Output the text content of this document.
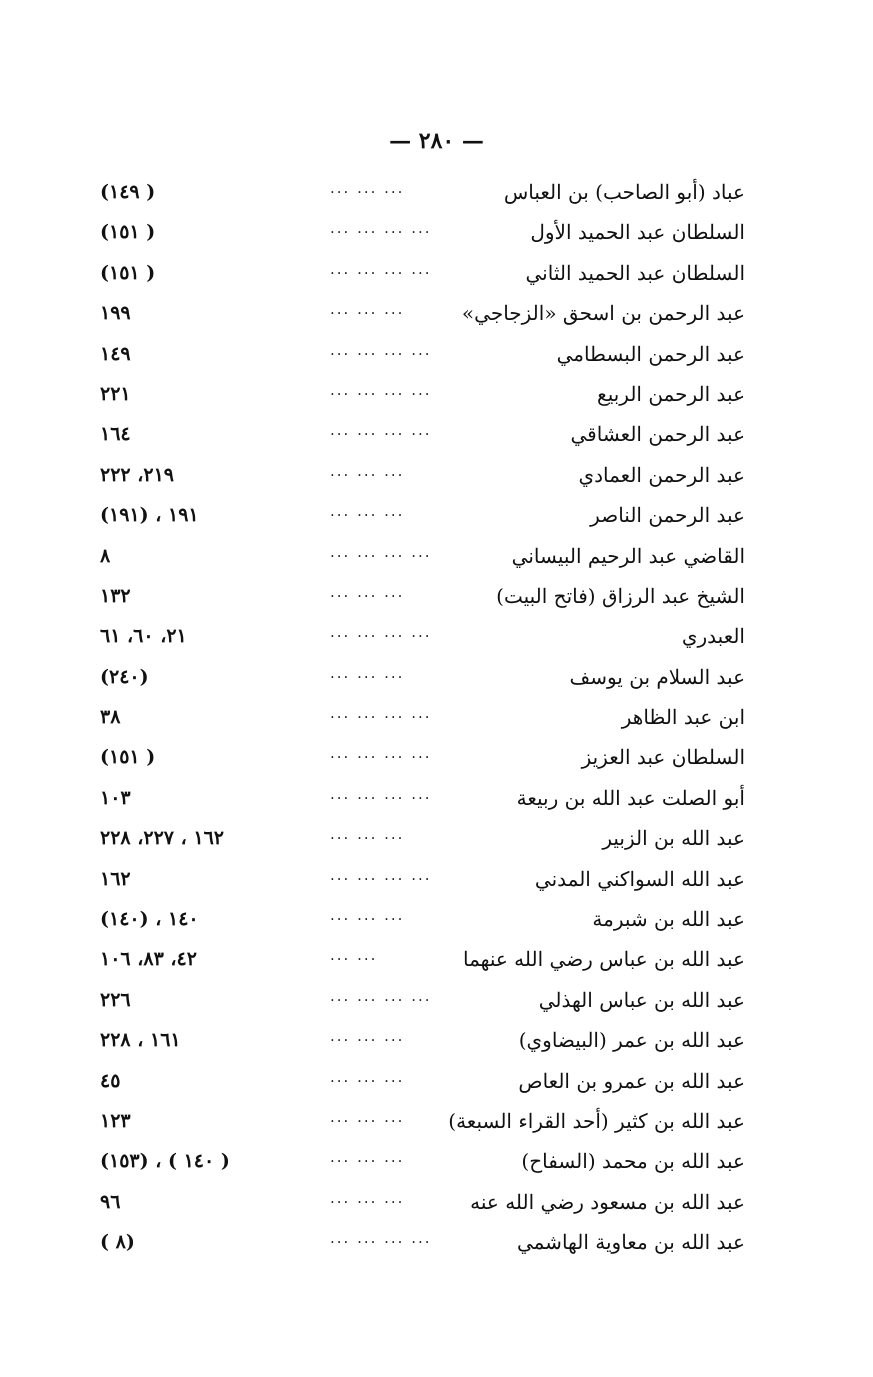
— ٢٨٠ —
عباد (أبو الصاحب) بن العباس
... ... ...
( ١٤٩)
السلطان عبد الحميد الأول
... ... ... ...
( ١٥١)
السلطان عبد الحميد الثاني
... ... ... ...
( ١٥١)
عبد الرحمن بن اسحق «الزجاجي»
... ... ...
١٩٩
عبد الرحمن البسطامي
... ... ... ...
١٤٩
عبد الرحمن الربيع
... ... ... ...
٢٢١
عبد الرحمن العشاقي
... ... ... ...
١٦٤
عبد الرحمن العمادي
... ... ...
٢١٩، ٢٢٢
عبد الرحمن الناصر
... ... ...
١٩١ ، (١٩١)
القاضي عبد الرحيم البيساني
... ... ... ...
٨
الشيخ عبد الرزاق (فاتح البيت)
... ... ...
١٣٢
العبدري
... ... ... ...
٢١، ٦٠، ٦١
عبد السلام بن يوسف
... ... ...
(٢٤٠)
ابن عبد الظاهر
... ... ... ...
٣٨
السلطان عبد العزيز
... ... ... ...
( ١٥١)
أبو الصلت عبد الله بن ربيعة
... ... ... ...
١٠٣
عبد الله بن الزبير
... ... ...
١٦٢ ، ٢٢٧، ٢٢٨
عبد الله السواكني المدني
... ... ... ...
١٦٢
عبد الله بن شبرمة
... ... ...
١٤٠ ، (١٤٠)
عبد الله بن عباس رضي الله عنهما
... ...
٤٢، ٨٣، ١٠٦
عبد الله بن عباس الهذلي
... ... ... ...
٢٢٦
عبد الله بن عمر (البيضاوي)
... ... ...
١٦١ ، ٢٢٨
عبد الله بن عمرو بن العاص
... ... ...
٤٥
عبد الله بن كثير (أحد القراء السبعة)
... ... ...
١٢٣
عبد الله بن محمد (السفاح)
... ... ...
( ١٤٠ ) ، (١٥٣)
عبد الله بن مسعود رضي الله عنه
... ... ...
٩٦
عبد الله بن معاوية الهاشمي
... ... ... ...
(٨ )
